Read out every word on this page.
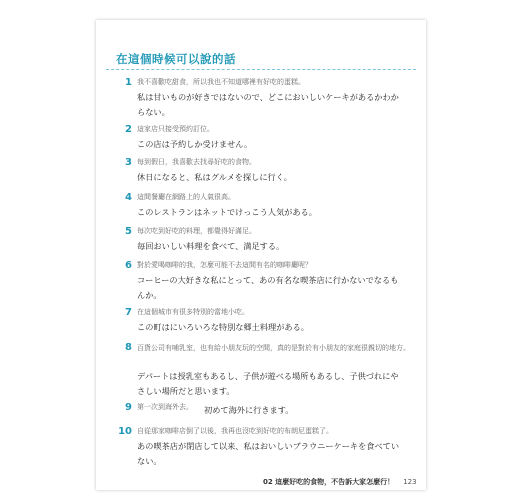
在這個時候可以說的話
1 我不喜歡吃甜食，所以我也不知道哪裡有好吃的蛋糕。
私は甘いものが好きではないので、どこにおいしいケーキがあるかわからない。
2 這家店只接受預約訂位。
この店は予約しか受けません。
3 每到假日，我喜歡去找尋好吃的食物。
休日になると、私はグルメを探しに行く。
4 這間餐廳在網路上的人氣很高。
このレストランはネットでけっこう人気がある。
5 每次吃到好吃的料理，都覺得好滿足。
毎回おいしい料理を食べて、満足する。
6 對於愛喝咖啡的我，怎麼可能不去這間有名的咖啡廳呢？
コーヒーの大好きな私にとって、あの有名な喫茶店に行かないでなるもんか。
7 在這個城市有很多特別的當地小吃。
この町はにいろいろな特別な郷土料理がある。
8 百貨公司有哺乳室，也有給小朋友玩的空間，真的是對於有小朋友的家庭很親切的地方。
デパートは授乳室もあるし、子供が遊べる場所もあるし、子供づれにやさしい場所だと思います。
9 第一次到海外去。	初めて海外に行きます。
10 自從那家咖啡店倒了以後，我再也沒吃到好吃的布朗尼蛋糕了。
あの喫茶店が閉店して以来、私はおいしいブラウニーケーキを食べていない。
02 這麼好吃的食物，不告訴大家怎麼行！ 123
